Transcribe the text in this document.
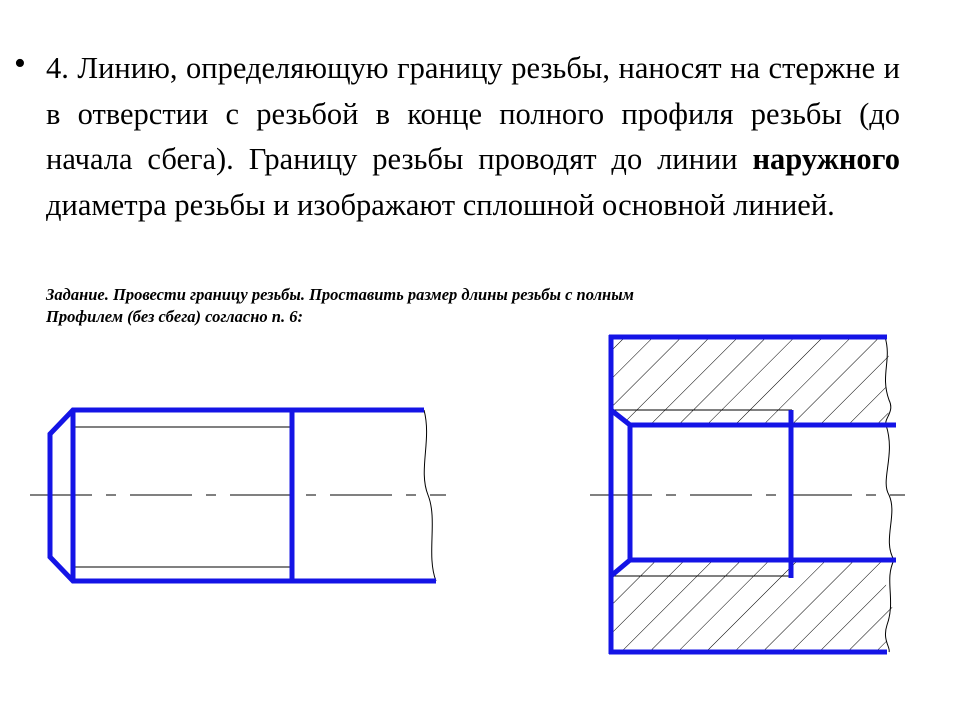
• 4. Линию, определяющую границу резьбы, наносят на стержне и в отверстии с резьбой в конце полного профиля резьбы (до начала сбега). Границу резьбы проводят до линии наружного диаметра резьбы и изображают сплошной основной линией.
Задание. Провести границу резьбы. Проставить размер длины резьбы с полным
Профилем (без сбега) согласно п. 6:
